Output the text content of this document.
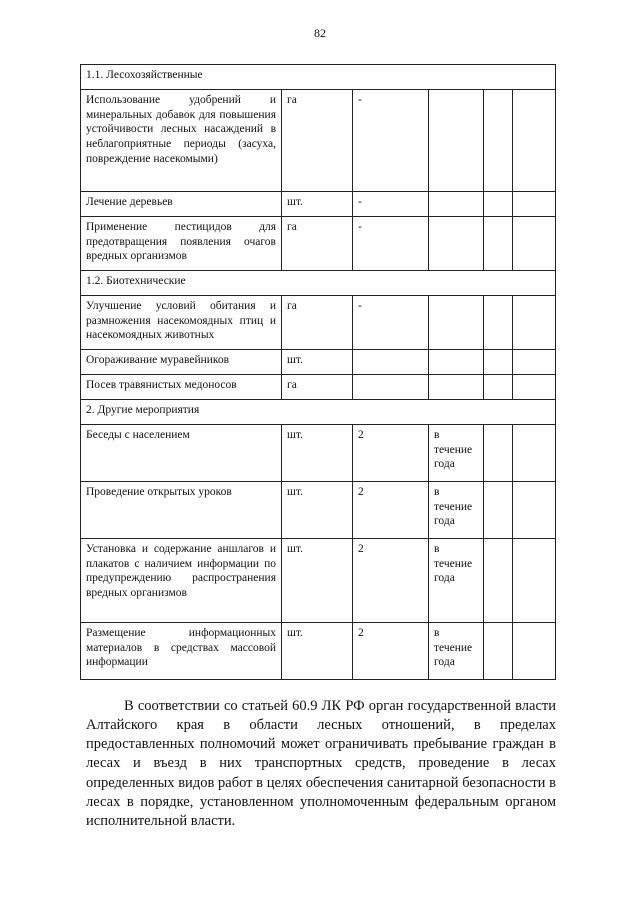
82
1.1. Лесохозяйственные					
Использование удобрений и минеральных добавок для повышения устойчивости лесных насаждений в неблагоприятные периоды (засуха, повреждение насекомыми)	га	-			
Лечение деревьев	шт.	-			
Применение пестицидов для предотвращения появления очагов вредных организмов	га	-			
1.2. Биотехнические					
Улучшение условий обитания и размножения насекомоядных птиц и насекомоядных животных	га	-			
Огораживание муравейников	шт.				
Посев травянистых медоносов	га				
2. Другие мероприятия					
Беседы с населением	шт.	2	в течение года		
Проведение открытых уроков	шт.	2	в течение года		
Установка и содержание аншлагов и плакатов с наличием информации по предупреждению распространения вредных организмов	шт.	2	в течение года		
Размещение информационных материалов в средствах массовой информации	шт.	2	в течение года		

В соответствии со статьей 60.9 ЛК РФ орган государственной власти Алтайского края в области лесных отношений, в пределах предоставленных полномочий может ограничивать пребывание граждан в лесах и въезд в них транспортных средств, проведение в лесах определенных видов работ в целях обеспечения санитарной безопасности в лесах в порядке, установленном уполномоченным федеральным органом исполнительной власти.
